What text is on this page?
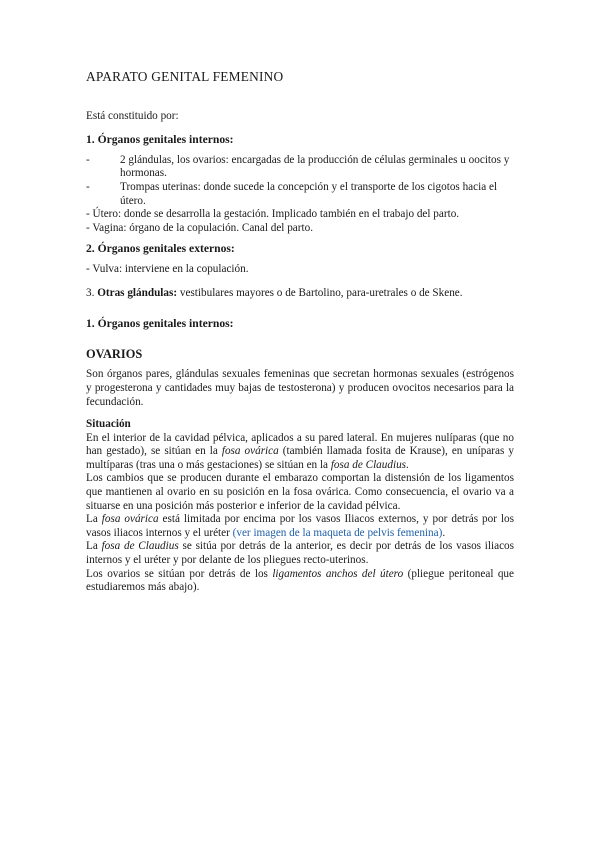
APARATO GENITAL FEMENINO

Está constituido por:

1. Órganos genitales internos:

-	2 glándulas, los ovarios: encargadas de la producción de células germinales u oocitos y hormonas.
-	Trompas uterinas: donde sucede la concepción y el transporte de los cigotos hacia el útero.

- Útero: donde se desarrolla la gestación. Implicado también en el trabajo del parto.

- Vagina: órgano de la copulación. Canal del parto.

2. Órganos genitales externos:

- Vulva: interviene en la copulación.

3. Otras glándulas: vestibulares mayores o de Bartolino, para-uretrales o de Skene.

1. Órganos genitales internos:

OVARIOS

Son órganos pares, glándulas sexuales femeninas que secretan hormonas sexuales (estrógenos y progesterona y cantidades muy bajas de testosterona) y producen ovocitos necesarios para la fecundación.

Situación

En el interior de la cavidad pélvica, aplicados a su pared lateral. En mujeres nulíparas (que no han gestado), se sitúan en la fosa ovárica (también llamada fosita de Krause), en uníparas y multíparas (tras una o más gestaciones) se sitúan en la fosa de Claudius.

Los cambios que se producen durante el embarazo comportan la distensión de los ligamentos que mantienen al ovario en su posición en la fosa ovárica. Como consecuencia, el ovario va a situarse en una posición más posterior e inferior de la cavidad pélvica.

La fosa ovárica está limitada por encima por los vasos Iliacos externos, y por detrás por los vasos iliacos internos y el uréter (ver imagen de la maqueta de pelvis femenina).

La fosa de Claudius se sitúa por detrás de la anterior, es decir por detrás de los vasos iliacos internos y el uréter y por delante de los pliegues recto-uterinos.

Los ovarios se sitúan por detrás de los ligamentos anchos del útero (pliegue peritoneal que estudiaremos más abajo).
